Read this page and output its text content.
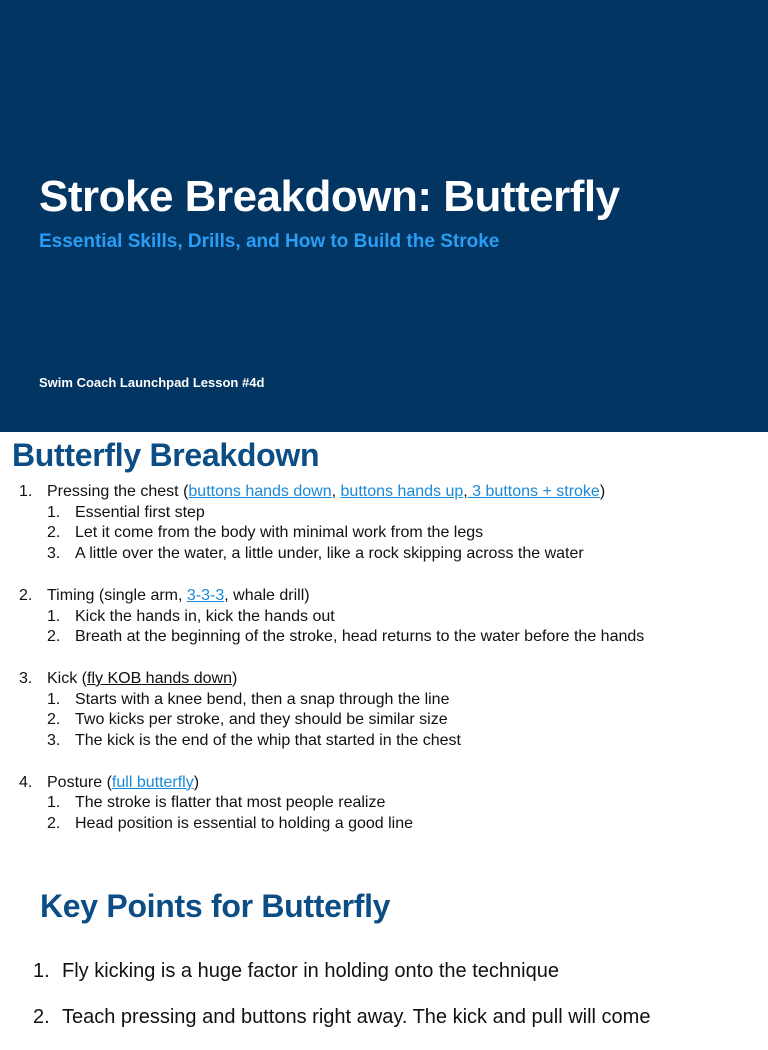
Stroke Breakdown: Butterfly
Essential Skills, Drills, and How to Build the Stroke
Swim Coach Launchpad Lesson #4d
Butterfly Breakdown
1. Pressing the chest (buttons hands down, buttons hands up, 3 buttons + stroke)
1. Essential first step
2. Let it come from the body with minimal work from the legs
3. A little over the water, a little under, like a rock skipping across the water
2. Timing (single arm, 3-3-3, whale drill)
1. Kick the hands in, kick the hands out
2. Breath at the beginning of the stroke, head returns to the water before the hands
3. Kick (fly KOB hands down)
1. Starts with a knee bend, then a snap through the line
2. Two kicks per stroke, and they should be similar size
3. The kick is the end of the whip that started in the chest
4. Posture (full butterfly)
1. The stroke is flatter that most people realize
2. Head position is essential to holding a good line
Key Points for Butterfly
1. Fly kicking is a huge factor in holding onto the technique
2. Teach pressing and buttons right away. The kick and pull will come
